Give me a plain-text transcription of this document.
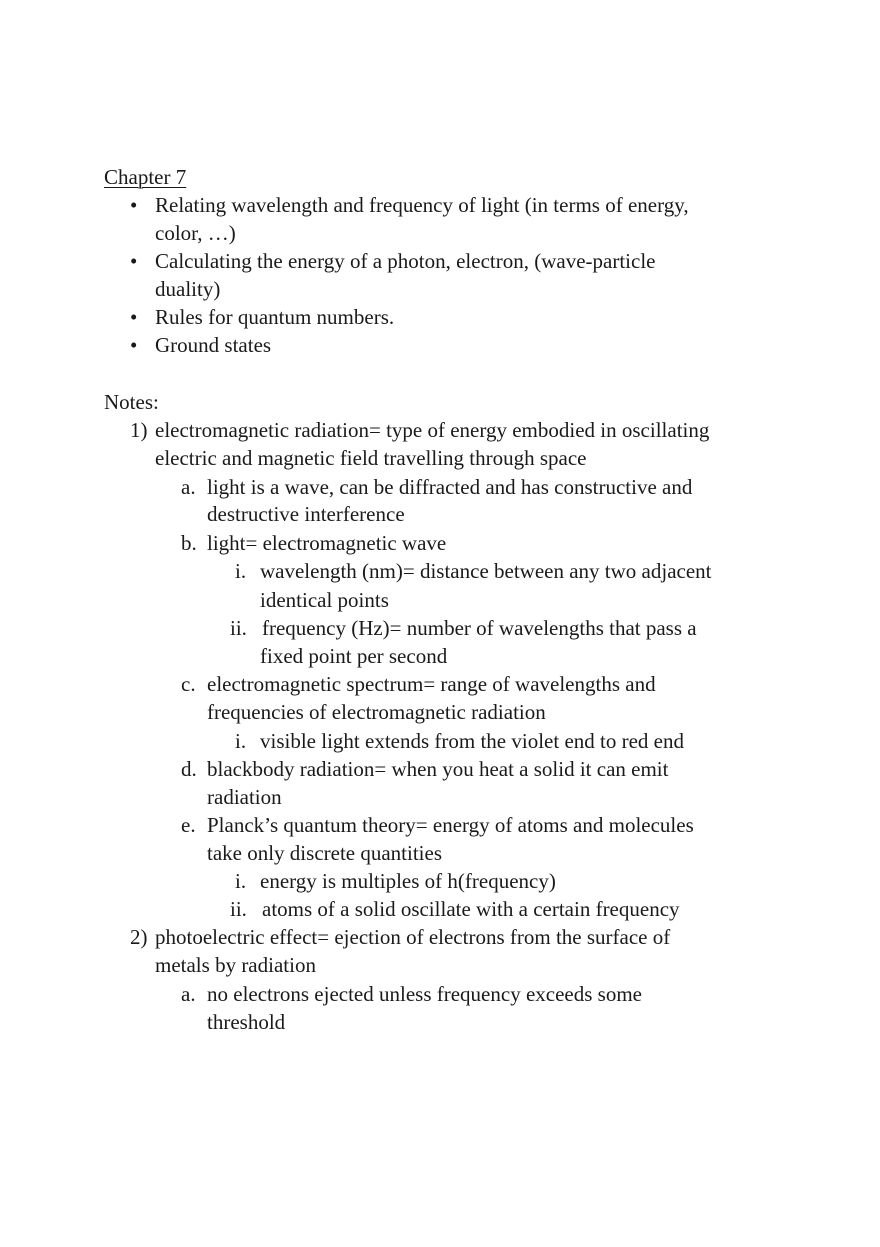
Chapter 7
• Relating wavelength and frequency of light (in terms of energy,
color, …)
• Calculating the energy of a photon, electron, (wave-particle
duality)
• Rules for quantum numbers.
• Ground states
Notes:
1) electromagnetic radiation= type of energy embodied in oscillating
electric and magnetic field travelling through space
a. light is a wave, can be diffracted and has constructive and
destructive interference
b. light= electromagnetic wave
i. wavelength (nm)= distance between any two adjacent
identical points
ii. frequency (Hz)= number of wavelengths that pass a
fixed point per second
c. electromagnetic spectrum= range of wavelengths and
frequencies of electromagnetic radiation
i. visible light extends from the violet end to red end
d. blackbody radiation= when you heat a solid it can emit
radiation
e. Planck’s quantum theory= energy of atoms and molecules
take only discrete quantities
i. energy is multiples of h(frequency)
ii. atoms of a solid oscillate with a certain frequency
2) photoelectric effect= ejection of electrons from the surface of
metals by radiation
a. no electrons ejected unless frequency exceeds some
threshold
